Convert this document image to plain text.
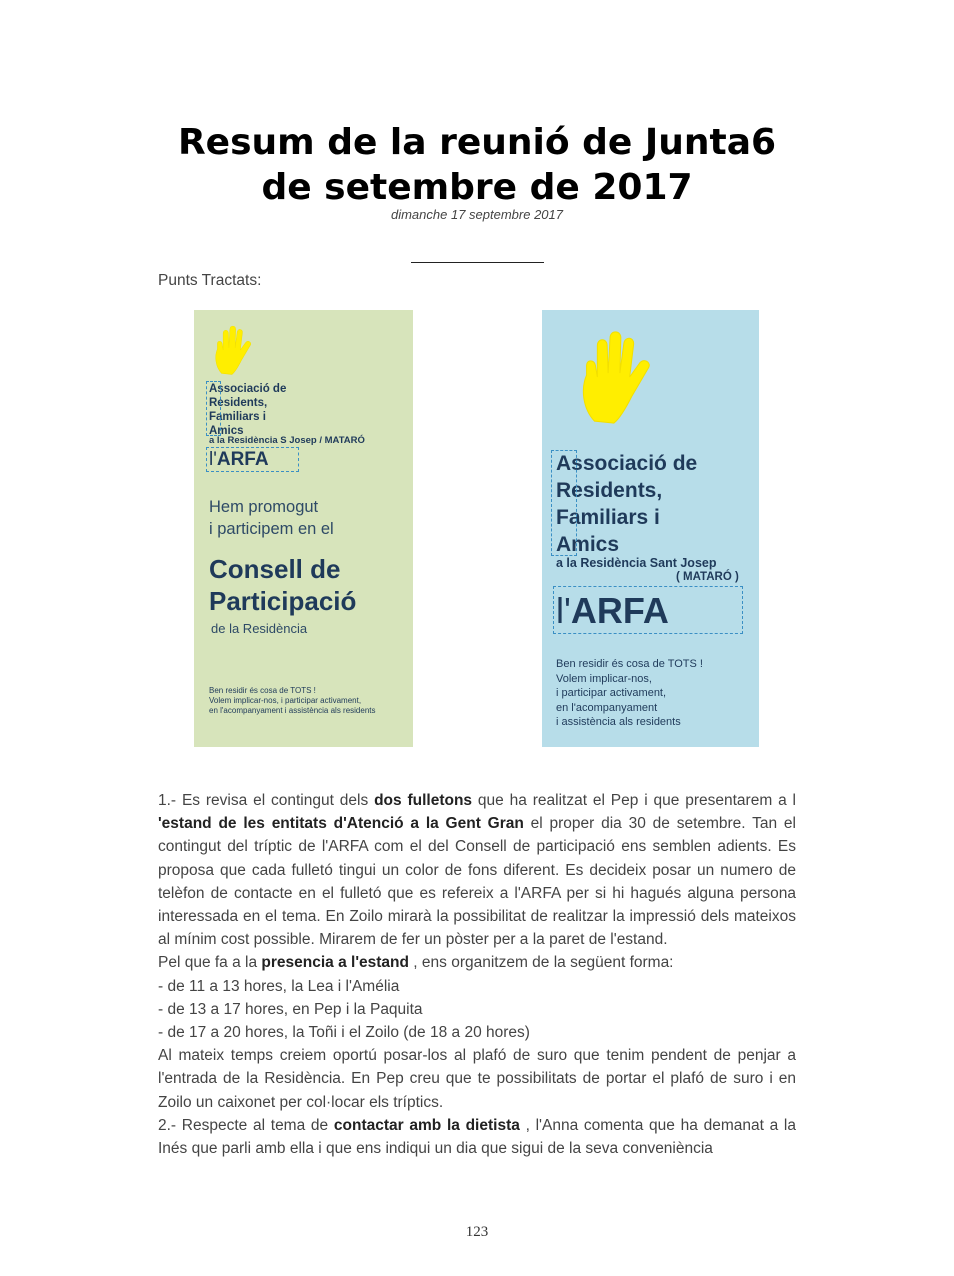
Resum de la reunió de Junta6
de setembre de 2017
dimanche 17 septembre 2017
Punts Tractats:
Associació de
Residents,
Familiars i
Amics
a la Residència S Josep / MATARÓ
l'ARFA
Hem promogut
i participem en el
Consell de
Participació
de la Residència
Ben residir és cosa de TOTS !
Volem implicar-nos, i participar activament,
en l'acompanyament i assistència als residents
Associació de
Residents,
Familiars i
Amics
a la Residència Sant Josep
( MATARÓ )
l'ARFA
Ben residir és cosa de TOTS !
Volem implicar-nos,
i participar activament,
en l'acompanyament
i assistència als residents

1.- Es revisa el contingut dels dos fulletons que ha realitzat el Pep i que presentarem a l 'estand de les entitats d'Atenció a la Gent Gran el proper dia 30 de setembre. Tan el contingut del tríptic de l'ARFA com el del Consell de participació ens semblen adients. Es proposa que cada fulletó tingui un color de fons diferent. Es decideix posar un numero de telèfon de contacte en el fulletó que es refereix a l'ARFA per si hi hagués alguna persona interessada en el tema. En Zoilo mirarà la possibilitat de realitzar la impressió dels mateixos al mínim cost possible. Mirarem de fer un pòster per a la paret de l'estand.

Pel que fa a la presencia a l'estand , ens organitzem de la següent forma:

- de 11 a 13 hores, la Lea i l'Amélia

- de 13 a 17 hores, en Pep i la Paquita

- de 17 a 20 hores, la Toñi i el Zoilo (de 18 a 20 hores)

Al mateix temps creiem oportú posar-los al plafó de suro que tenim pendent de penjar a l'entrada de la Residència. En Pep creu que te possibilitats de portar el plafó de suro i en Zoilo un caixonet per col·locar els tríptics.

2.- Respecte al tema de contactar amb la dietista , l'Anna comenta que ha demanat a la Inés que parli amb ella i que ens indiqui un dia que sigui de la seva conveniència

123
